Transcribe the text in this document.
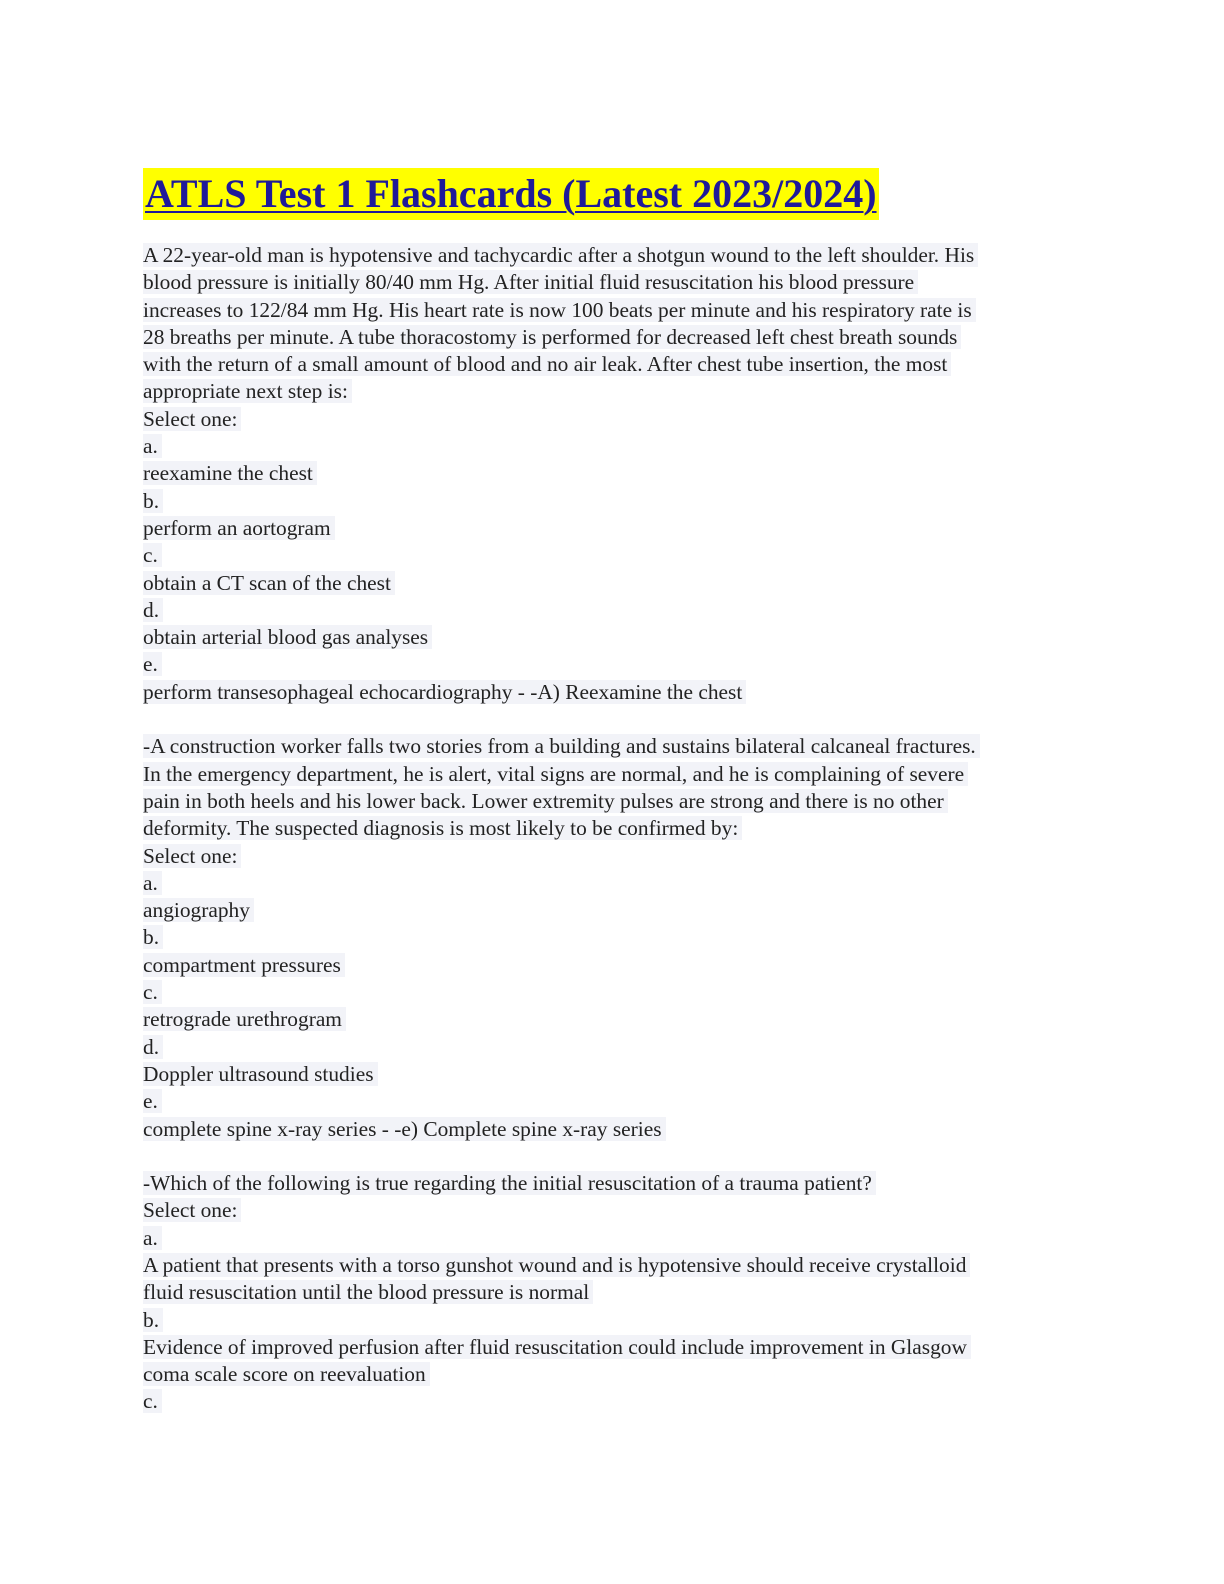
ATLS Test 1 Flashcards (Latest 2023/2024)
A 22-year-old man is hypotensive and tachycardic after a shotgun wound to the left shoulder. His
blood pressure is initially 80/40 mm Hg. After initial fluid resuscitation his blood pressure
increases to 122/84 mm Hg. His heart rate is now 100 beats per minute and his respiratory rate is
28 breaths per minute. A tube thoracostomy is performed for decreased left chest breath sounds
with the return of a small amount of blood and no air leak. After chest tube insertion, the most
appropriate next step is:
Select one:
a.
reexamine the chest
b.
perform an aortogram
c.
obtain a CT scan of the chest
d.
obtain arterial blood gas analyses
e.
perform transesophageal echocardiography - -A) Reexamine the chest
-A construction worker falls two stories from a building and sustains bilateral calcaneal fractures.
In the emergency department, he is alert, vital signs are normal, and he is complaining of severe
pain in both heels and his lower back. Lower extremity pulses are strong and there is no other
deformity. The suspected diagnosis is most likely to be confirmed by:
Select one:
a.
angiography
b.
compartment pressures
c.
retrograde urethrogram
d.
Doppler ultrasound studies
e.
complete spine x-ray series - -e) Complete spine x-ray series
-Which of the following is true regarding the initial resuscitation of a trauma patient?
Select one:
a.
A patient that presents with a torso gunshot wound and is hypotensive should receive crystalloid
fluid resuscitation until the blood pressure is normal
b.
Evidence of improved perfusion after fluid resuscitation could include improvement in Glasgow
coma scale score on reevaluation
c.
